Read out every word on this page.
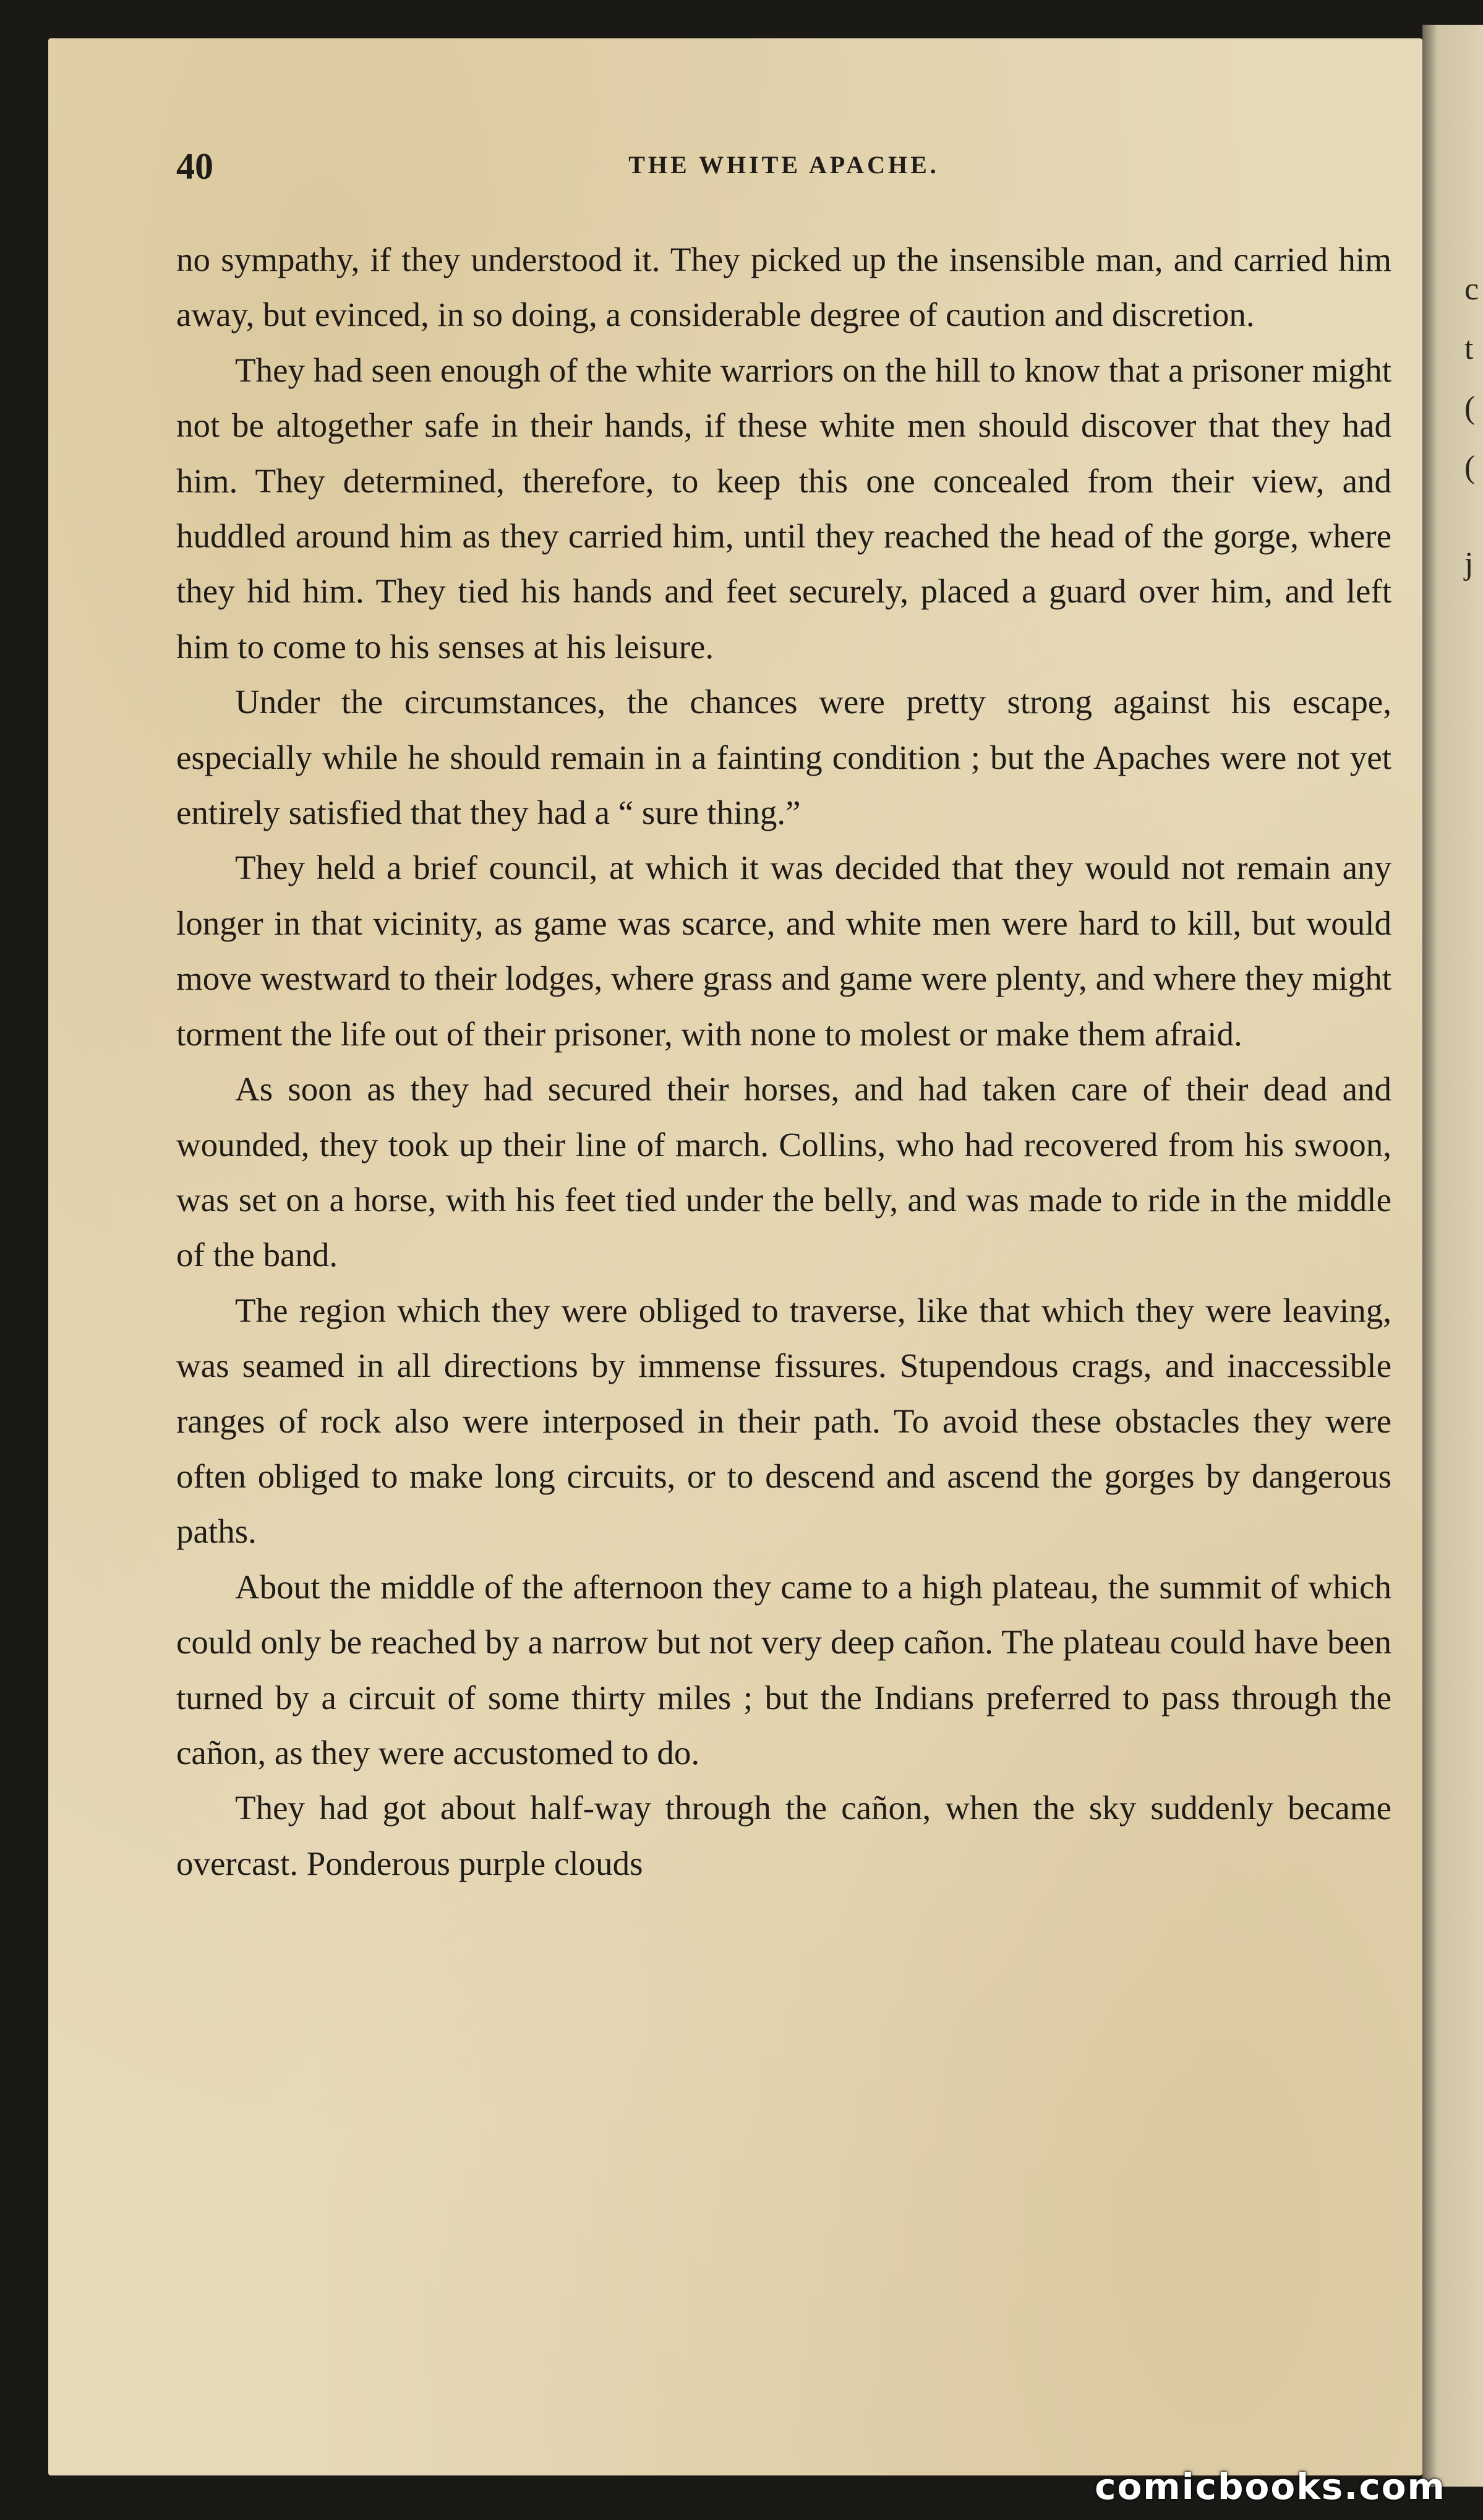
c
t
(
(
j
40	THE WHITE APACHE.

no sympathy, if they understood it. They picked up the insensible man, and carried him away, but evinced, in so doing, a considerable degree of caution and discretion.

They had seen enough of the white warriors on the hill to know that a prisoner might not be altogether safe in their hands, if these white men should discover that they had him. They determined, therefore, to keep this one concealed from their view, and huddled around him as they carried him, until they reached the head of the gorge, where they hid him. They tied his hands and feet securely, placed a guard over him, and left him to come to his senses at his leisure.

Under the circumstances, the chances were pretty strong against his escape, especially while he should remain in a fainting condition ; but the Apaches were not yet entirely satisfied that they had a “ sure thing.”

They held a brief council, at which it was decided that they would not remain any longer in that vicinity, as game was scarce, and white men were hard to kill, but would move westward to their lodges, where grass and game were plenty, and where they might torment the life out of their prisoner, with none to molest or make them afraid.

As soon as they had secured their horses, and had taken care of their dead and wounded, they took up their line of march. Collins, who had recovered from his swoon, was set on a horse, with his feet tied under the belly, and was made to ride in the middle of the band.

The region which they were obliged to traverse, like that which they were leaving, was seamed in all directions by immense fissures. Stupendous crags, and inaccessible ranges of rock also were interposed in their path. To avoid these obstacles they were often obliged to make long circuits, or to descend and ascend the gorges by dangerous paths.

About the middle of the afternoon they came to a high plateau, the summit of which could only be reached by a narrow but not very deep cañon. The plateau could have been turned by a circuit of some thirty miles ; but the Indians preferred to pass through the cañon, as they were accustomed to do.

They had got about half-way through the cañon, when the sky suddenly became overcast. Ponderous purple clouds

comicbooks.com
